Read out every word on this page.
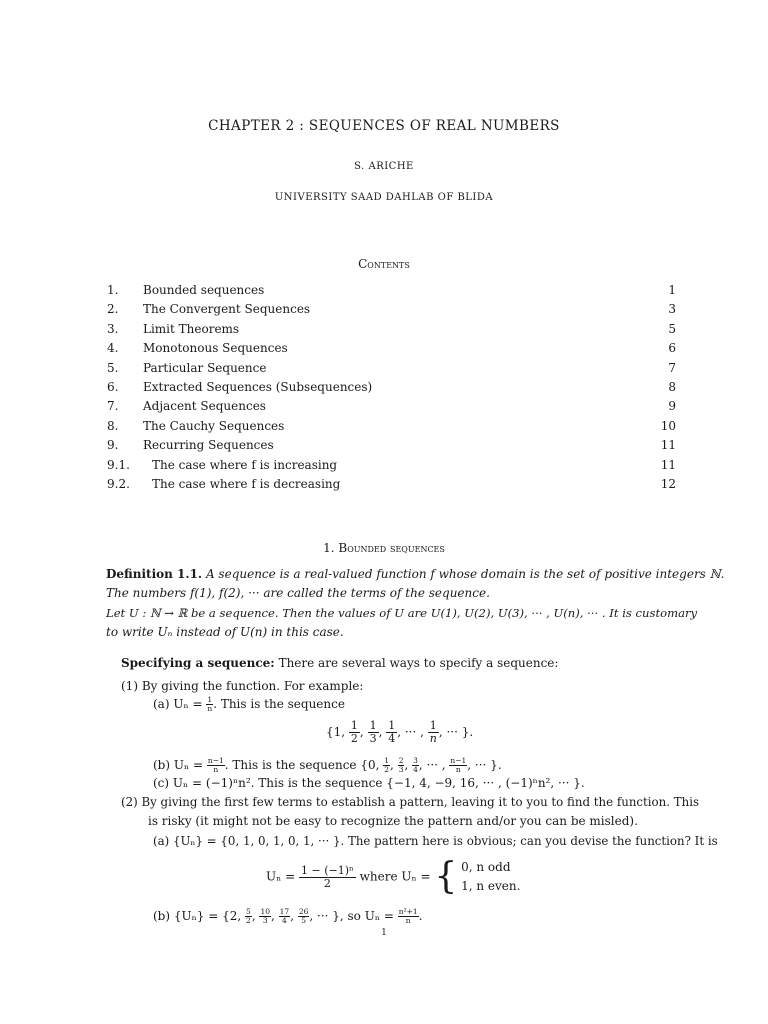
CHAPTER 2 : SEQUENCES OF REAL NUMBERS
S. ARICHE
UNIVERSITY SAAD DAHLAB OF BLIDA
Contents
1. Bounded sequences	1
2. The Convergent Sequences	3
3. Limit Theorems	5
4. Monotonous Sequences	6
5. Particular Sequence	7
6. Extracted Sequences (Subsequences)	8
7. Adjacent Sequences	9
8. The Cauchy Sequences	10
9. Recurring Sequences	11
9.1. The case where f is increasing	11
9.2. The case where f is decreasing	12
1. Bounded sequences
Definition 1.1. A sequence is a real-valued function f whose domain is the set of positive integers ℕ.
The numbers f(1), f(2), ··· are called the terms of the sequence.
Let U : ℕ → ℝ be a sequence. Then the values of U are U(1), U(2), U(3), ··· , U(n), ··· . It is customary
to write Uₙ instead of U(n) in this case.
Specifying a sequence: There are several ways to specify a sequence:
(1) By giving the function. For example:
(a) $U_n = \frac{1}{n}$ . This is the sequence
{1, $\frac{1}{2}$ , $\frac{1}{3}$ , $\frac{1}{4}$ , ··· , $\frac{1}{n}$ , ··· }.
(b) $U_n = \frac{n-1}{n}$ . This is the sequence {0, $\frac{1}{2}$ , $\frac{2}{3}$ , $\frac{3}{4}$ , ··· , $\frac{n-1}{n}$ , ··· }.
(c) Uₙ = (−1)ⁿn². This is the sequence {−1, 4, −9, 16, ··· , (−1)ⁿn², ··· }.
(2) By giving the first few terms to establish a pattern, leaving it to you to find the function. This
is risky (it might not be easy to recognize the pattern and/or you can be misled).
(a) {Uₙ} = {0, 1, 0, 1, 0, 1, ··· }. The pattern here is obvious; can you devise the function? It is
$U_n = \frac{\text{1 − (−1)ⁿ}}{2}$ where Uₙ = { 0, n odd
1, n even.
(b) {Uₙ} = {2, $\frac{5}{2}$ , $\frac{10}{3}$ , $\frac{17}{4}$ , $\frac{26}{5}$ , ··· }, so $U_n = \frac{\text{n²+1}}{n}$ .
1
